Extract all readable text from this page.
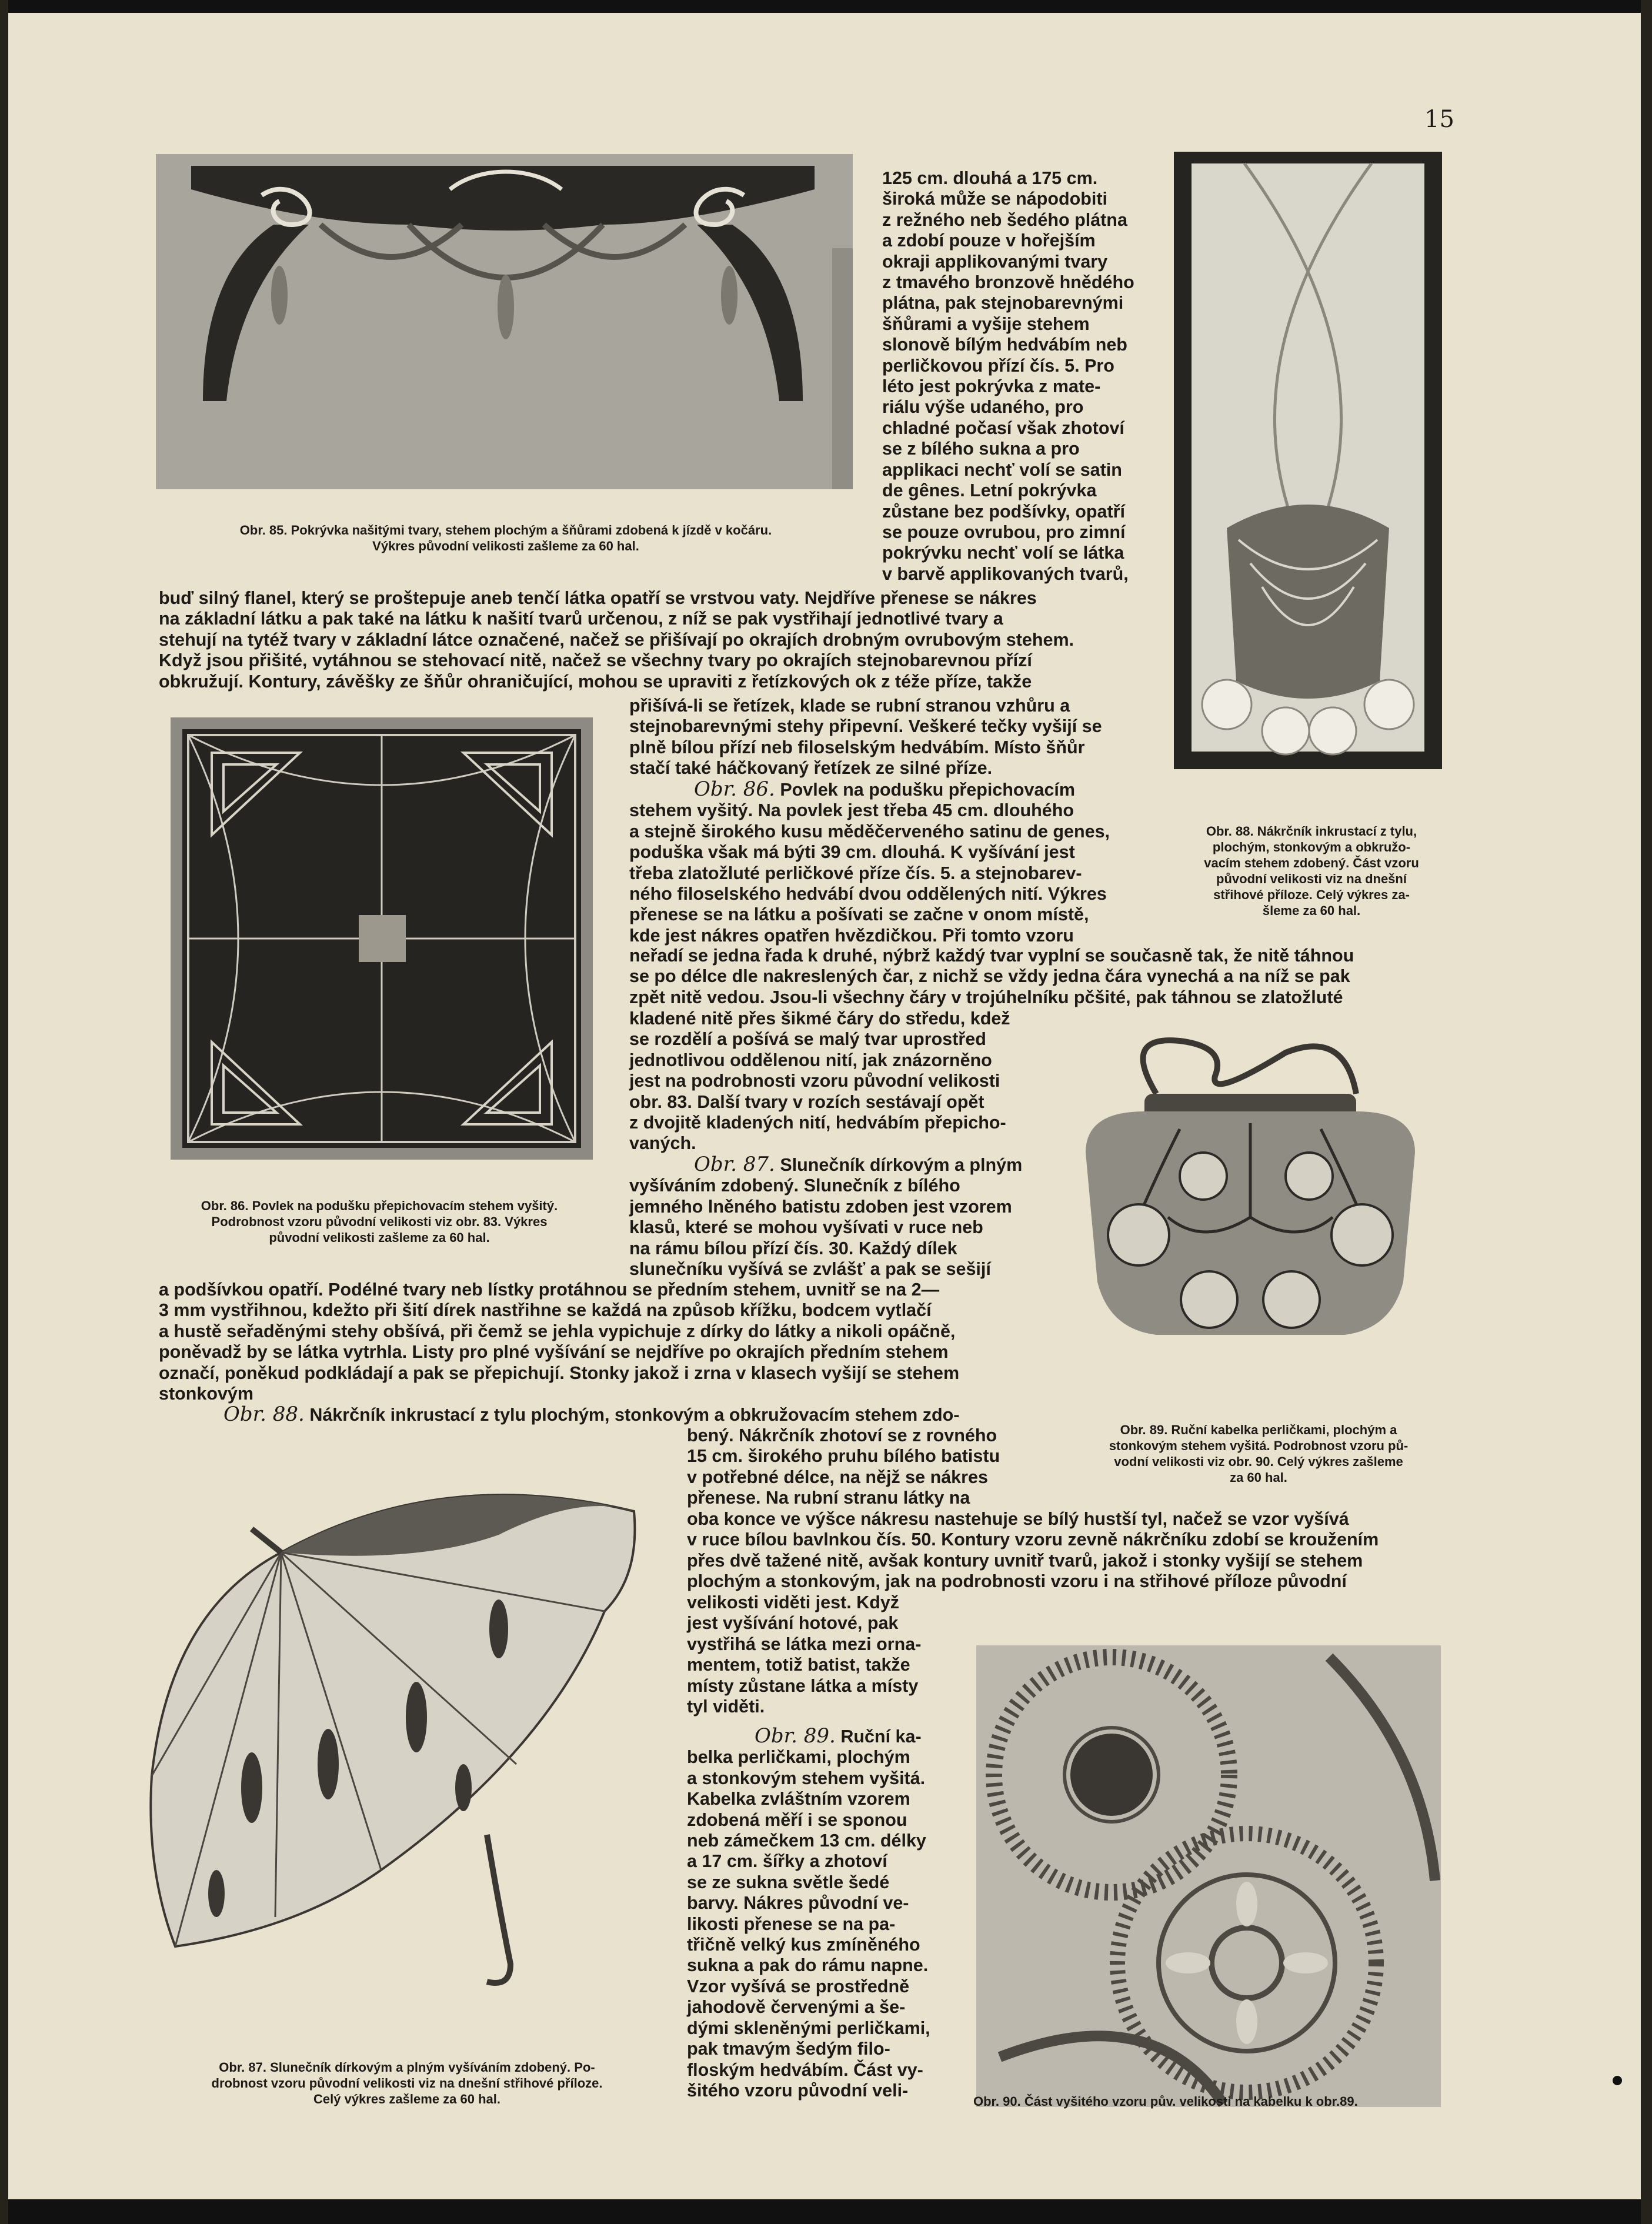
15
Obr. 85. Pokrývka našitými tvary, stehem plochým a šňůrami zdobená k jízdě v kočáru.
Výkres původní velikosti zašleme za 60 hal.
Obr. 88. Nákrčník inkrustací z tylu,
plochým, stonkovým a obkružo-
vacím stehem zdobený. Část vzoru
původní velikosti viz na dnešní
střihové příloze. Celý výkres za-
šleme za 60 hal.
Obr. 86. Povlek na podušku přepichovacím stehem vyšitý.
Podrobnost vzoru původní velikosti viz obr. 83. Výkres
původní velikosti zašleme za 60 hal.
Obr. 89. Ruční kabelka perličkami, plochým a
stonkovým stehem vyšitá. Podrobnost vzoru pů-
vodní velikosti viz obr. 90. Celý výkres zašleme
za 60 hal.
Obr. 87. Slunečník dírkovým a plným vyšíváním zdobený. Po-
drobnost vzoru původní velikosti viz na dnešní střihové příloze.
Celý výkres zašleme za 60 hal.	Obr. 90. Část vyšitého vzoru pův. velikosti na kabelku k obr.89.
125 cm. dlouhá a 175 cm.
široká může se nápodobiti
z režného neb šedého plátna
a zdobí pouze v hořejším
okraji applikovanými tvary
z tmavého bronzově hnědého
plátna, pak stejnobarevnými
šňůrami a vyšije stehem
slonově bílým hedvábím neb
perličkovou přízí čís. 5. Pro
léto jest pokrývka z mate-
riálu výše udaného, pro
chladné počasí však zhotoví
se z bílého sukna a pro
applikaci nechť volí se satin
de gênes. Letní pokrývka
zůstane bez podšívky, opatří
se pouze ovrubou, pro zimní
pokrývku nechť volí se látka
v barvě applikovaných tvarů,
buď silný flanel, který se proštepuje aneb tenčí látka opatří se vrstvou vaty. Nejdříve přenese se nákres
na základní látku a pak také na látku k našití tvarů určenou, z níž se pak vystřihají jednotlivé tvary a
stehují na tytéž tvary v základní látce označené, načež se přišívají po okrajích drobným ovrubovým stehem.
Když jsou přišité, vytáhnou se stehovací nitě, načež se všechny tvary po okrajích stejnobarevnou přízí
obkružují. Kontury, závěšky ze šňůr ohraničující, mohou se upraviti z řetízkových ok z téže příze, takže
přišívá-li se řetízek, klade se rubní stranou vzhůru a
stejnobarevnými stehy připevní. Veškeré tečky vyšijí se
plně bílou přízí neb filoselským hedvábím. Místo šňůr
stačí také háčkovaný řetízek ze silné příze.
Obr. 86. Povlek na podušku přepichovacím
stehem vyšitý. Na povlek jest třeba 45 cm. dlouhého
a stejně širokého kusu měděčerveného satinu de genes,
poduška však má býti 39 cm. dlouhá. K vyšívání jest
třeba zlatožluté perličkové příze čís. 5. a stejnobarev-
ného filoselského hedvábí dvou oddělených nití. Výkres
přenese se na látku a pošívati se začne v onom místě,
kde jest nákres opatřen hvězdičkou. Při tomto vzoru
neřadí se jedna řada k druhé, nýbrž každý tvar vyplní se současně tak, že nitě táhnou
se po délce dle nakreslených čar, z nichž se vždy jedna čára vynechá a na níž se pak
zpět nitě vedou. Jsou-li všechny čáry v trojúhelníku pčšité, pak táhnou se zlatožluté
kladené nitě přes šikmé čáry do středu, kdež
se rozdělí a pošívá se malý tvar uprostřed
jednotlivou oddělenou nití, jak znázorněno
jest na podrobnosti vzoru původní velikosti
obr. 83. Další tvary v rozích sestávají opět
z dvojitě kladených nití, hedvábím přepicho-
vaných.
Obr. 87. Slunečník dírkovým a plným
vyšíváním zdobený. Slunečník z bílého
jemného lněného batistu zdoben jest vzorem
klasů, které se mohou vyšívati v ruce neb
na rámu bílou přízí čís. 30. Každý dílek
slunečníku vyšívá se zvlášť a pak se sešijí
a podšívkou opatří. Podélné tvary neb lístky protáhnou se předním stehem, uvnitř se na 2—
3 mm vystřihnou, kdežto při šití dírek nastřihne se každá na způsob křížku, bodcem vytlačí
a hustě seřaděnými stehy obšívá, při čemž se jehla vypichuje z dírky do látky a nikoli opáčně,
poněvadž by se látka vytrhla. Listy pro plné vyšívání se nejdříve po okrajích předním stehem
označí, poněkud podkládají a pak se přepichují. Stonky jakož i zrna v klasech vyšijí se stehem
stonkovým
Obr. 88. Nákrčník inkrustací z tylu plochým, stonkovým a obkružovacím stehem zdo-
bený. Nákrčník zhotoví se z rovného
15 cm. širokého pruhu bílého batistu
v potřebné délce, na nějž se nákres
přenese. Na rubní stranu látky na
oba konce ve výšce nákresu nastehuje se bílý hustší tyl, načež se vzor vyšívá
v ruce bílou bavlnkou čís. 50. Kontury vzoru zevně nákrčníku zdobí se kroužením
přes dvě tažené nitě, avšak kontury uvnitř tvarů, jakož i stonky vyšijí se stehem
plochým a stonkovým, jak na podrobnosti vzoru i na střihové příloze původní
velikosti viděti jest. Když
jest vyšívání hotové, pak
vystřihá se látka mezi orna-
mentem, totiž batist, takže
místy zůstane látka a místy
tyl viděti.
Obr. 89. Ruční ka-
belka perličkami, plochým
a stonkovým stehem vyšitá.
Kabelka zvláštním vzorem
zdobená měří i se sponou
neb zámečkem 13 cm. délky
a 17 cm. šířky a zhotoví
se ze sukna světle šedé
barvy. Nákres původní ve-
likosti přenese se na pa-
třičně velký kus zmíněného
sukna a pak do rámu napne.
Vzor vyšívá se prostředně
jahodově červenými a še-
dými skleněnými perličkami,
pak tmavým šedým filo-
floským hedvábím. Část vy-
šitého vzoru původní veli-
